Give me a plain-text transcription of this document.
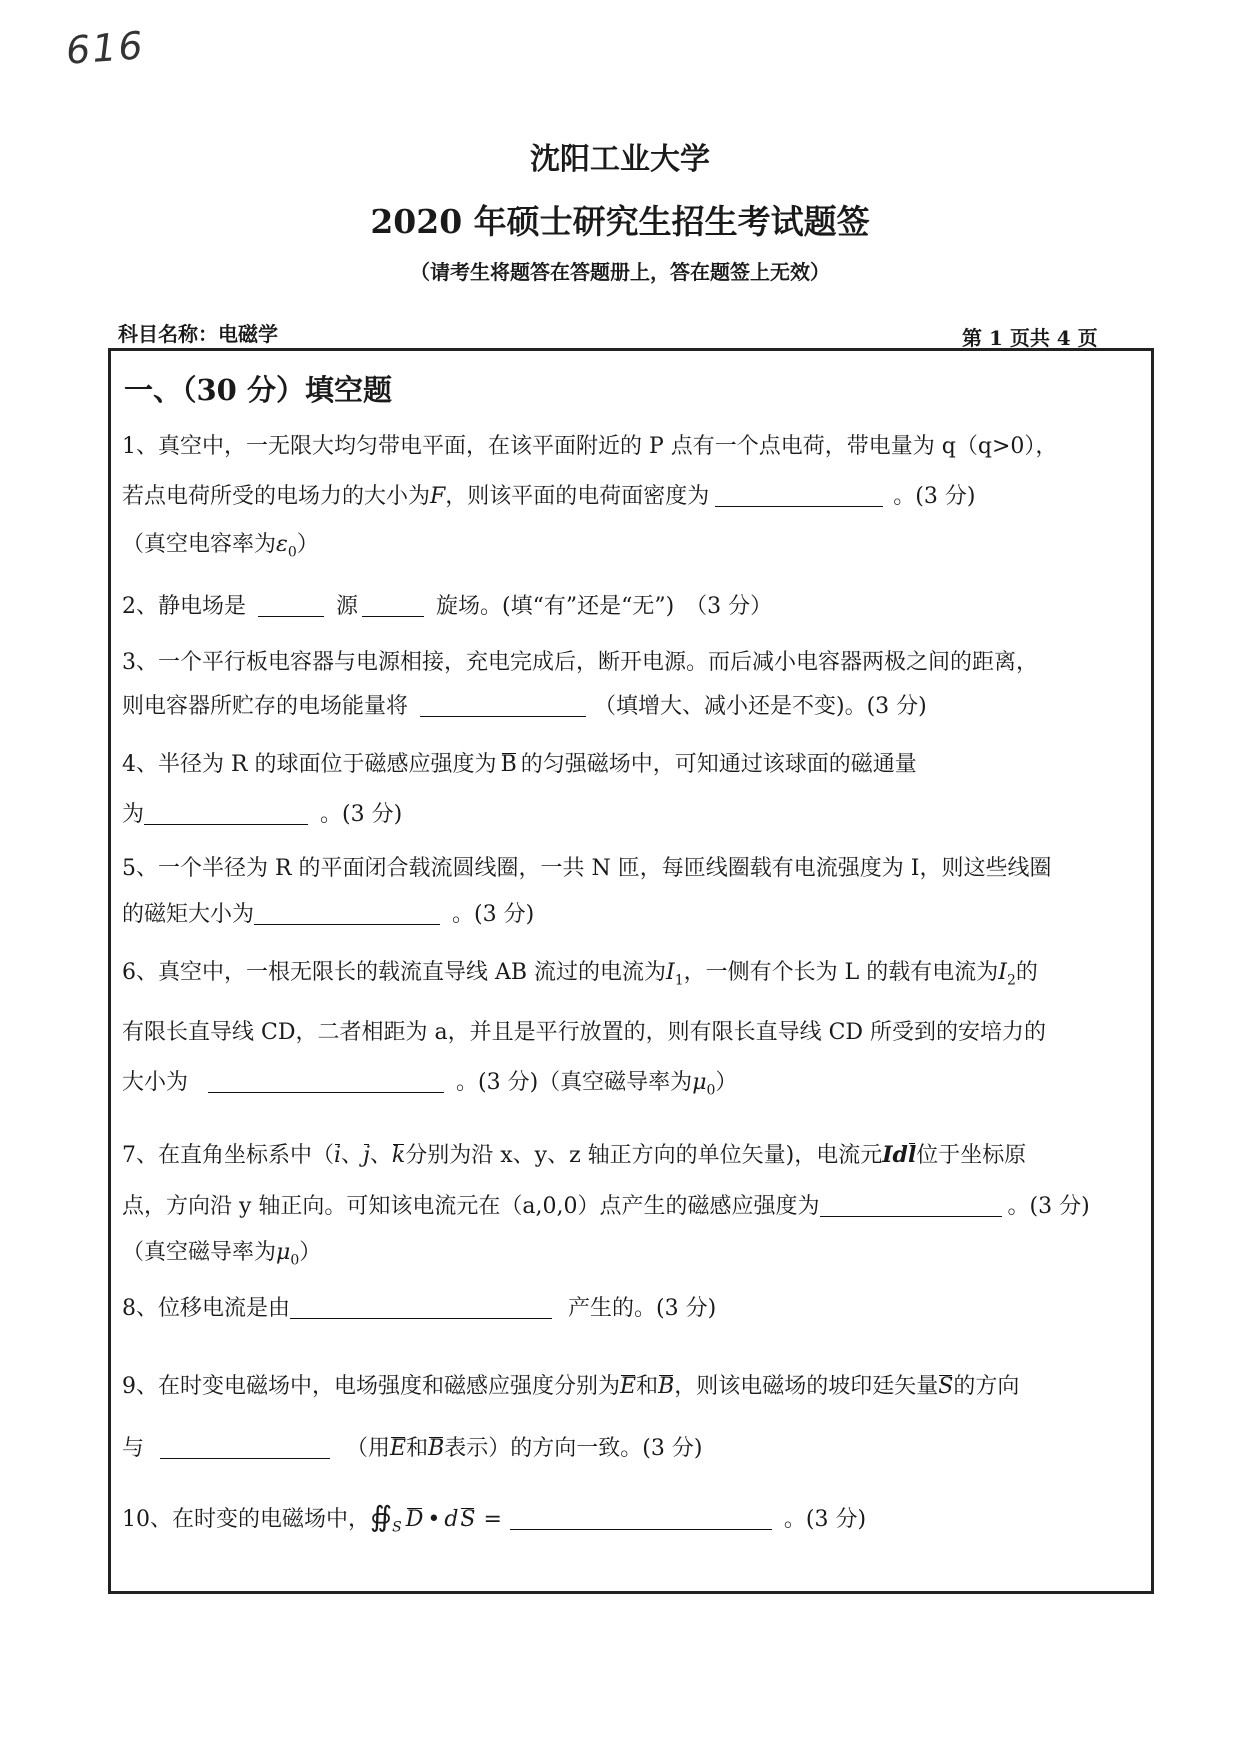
616
沈阳工业大学
2020 年硕士研究生招生考试题签
（请考生将题答在答题册上，答在题签上无效）
科目名称：电磁学	第 1 页共 4 页
一、（30 分）填空题
1、真空中，一无限大均匀带电平面，在该平面附近的 P 点有一个点电荷，带电量为 q（q>0），
若点电荷所受的电场力的大小为F，则该平面的电荷面密度为	。(3 分)
（真空电容率为$\varepsilon_0$）
2、静电场是	源	旋场。(填“有”还是“无”)　（3 分）
3、一个平行板电容器与电源相接，充电完成后，断开电源。而后减小电容器两极之间的距离，
则电容器所贮存的电场能量将	（填增大、减小还是不变)。(3 分)
4、半径为 R 的球面位于磁感应强度为 B 的匀强磁场中，可知通过该球面的磁通量
为	。(3 分)
5、一个半径为 R 的平面闭合载流圆线圈，一共 N 匝，每匝线圈载有电流强度为 I，则这些线圈
的磁矩大小为	。(3 分)
6、真空中，一根无限长的载流直导线 AB 流过的电流为$I_1$，一侧有个长为 L 的载有电流为$I_2$的
有限长直导线 CD，二者相距为 a，并且是平行放置的，则有限长直导线 CD 所受到的安培力的
大小为	。(3 分)（真空磁导率为$\mu_0$）
7、在直角坐标系中（i、j、k分别为沿 x、y、z 轴正方向的单位矢量)，电流元Idl位于坐标原
点，方向沿 y 轴正向。可知该电流元在（a,0,0）点产生的磁感应强度为	。(3 分)
（真空磁导率为$\mu_0$）
8、位移电流是由	产生的。(3 分)
9、在时变电磁场中，电场强度和磁感应强度分别为E和B，则该电磁场的坡印廷矢量S的方向
与	（用E和B表示）的方向一致。(3 分)
10、在时变的电磁场中，$∯_S$ D • dS =	。(3 分)
